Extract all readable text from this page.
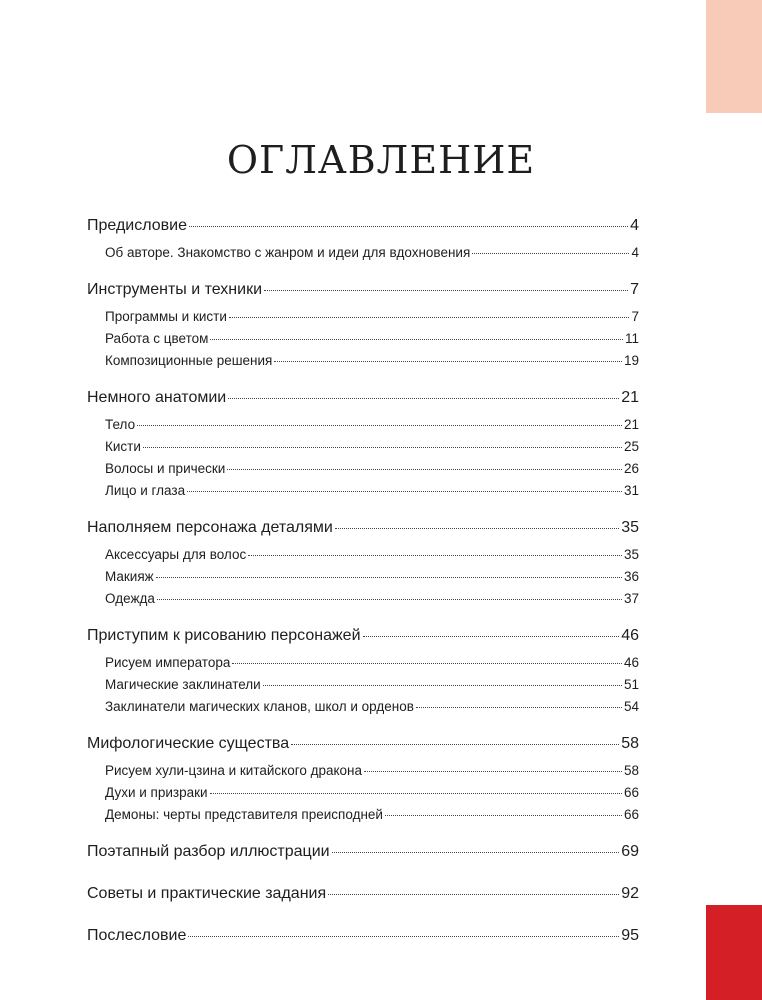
ОГЛАВЛЕНИЕ
Предисловие	4
Об авторе. Знакомство с жанром и идеи для вдохновения	4
Инструменты и техники	7
Программы и кисти	7
Работа с цветом	11
Композиционные решения	19
Немного анатомии	21
Тело	21
Кисти	25
Волосы и прически	26
Лицо и глаза	31
Наполняем персонажа деталями	35
Аксессуары для волос	35
Макияж	36
Одежда	37
Приступим к рисованию персонажей	46
Рисуем императора	46
Магические заклинатели	51
Заклинатели магических кланов, школ и орденов	54
Мифологические существа	58
Рисуем хули-цзина и китайского дракона	58
Духи и призраки	66
Демоны: черты представителя преисподней	66
Поэтапный разбор иллюстрации	69
Советы и практические задания	92
Послесловие	95
